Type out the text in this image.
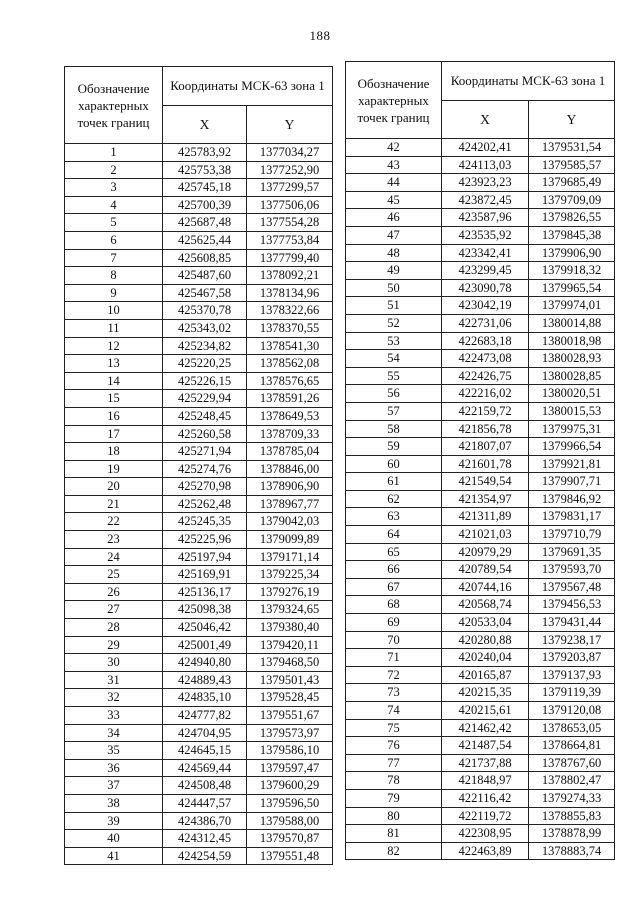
188
Обозначение характерных точек границ	Координаты МСК-63 зона 1	
	X	Y
1	425783,92	1377034,27
2	425753,38	1377252,90
3	425745,18	1377299,57
4	425700,39	1377506,06
5	425687,48	1377554,28
6	425625,44	1377753,84
7	425608,85	1377799,40
8	425487,60	1378092,21
9	425467,58	1378134,96
10	425370,78	1378322,66
11	425343,02	1378370,55
12	425234,82	1378541,30
13	425220,25	1378562,08
14	425226,15	1378576,65
15	425229,94	1378591,26
16	425248,45	1378649,53
17	425260,58	1378709,33
18	425271,94	1378785,04
19	425274,76	1378846,00
20	425270,98	1378906,90
21	425262,48	1378967,77
22	425245,35	1379042,03
23	425225,96	1379099,89
24	425197,94	1379171,14
25	425169,91	1379225,34
26	425136,17	1379276,19
27	425098,38	1379324,65
28	425046,42	1379380,40
29	425001,49	1379420,11
30	424940,80	1379468,50
31	424889,43	1379501,43
32	424835,10	1379528,45
33	424777,82	1379551,67
34	424704,95	1379573,97
35	424645,15	1379586,10
36	424569,44	1379597,47
37	424508,48	1379600,29
38	424447,57	1379596,50
39	424386,70	1379588,00
40	424312,45	1379570,87
41	424254,59	1379551,48
Обозначение характерных точек границ	Координаты МСК-63 зона 1	
	X	Y
42	424202,41	1379531,54
43	424113,03	1379585,57
44	423923,23	1379685,49
45	423872,45	1379709,09
46	423587,96	1379826,55
47	423535,92	1379845,38
48	423342,41	1379906,90
49	423299,45	1379918,32
50	423090,78	1379965,54
51	423042,19	1379974,01
52	422731,06	1380014,88
53	422683,18	1380018,98
54	422473,08	1380028,93
55	422426,75	1380028,85
56	422216,02	1380020,51
57	422159,72	1380015,53
58	421856,78	1379975,31
59	421807,07	1379966,54
60	421601,78	1379921,81
61	421549,54	1379907,71
62	421354,97	1379846,92
63	421311,89	1379831,17
64	421021,03	1379710,79
65	420979,29	1379691,35
66	420789,54	1379593,70
67	420744,16	1379567,48
68	420568,74	1379456,53
69	420533,04	1379431,44
70	420280,88	1379238,17
71	420240,04	1379203,87
72	420165,87	1379137,93
73	420215,35	1379119,39
74	420215,61	1379120,08
75	421462,42	1378653,05
76	421487,54	1378664,81
77	421737,88	1378767,60
78	421848,97	1378802,47
79	422116,42	1379274,33
80	422119,72	1378855,83
81	422308,95	1378878,99
82	422463,89	1378883,74
